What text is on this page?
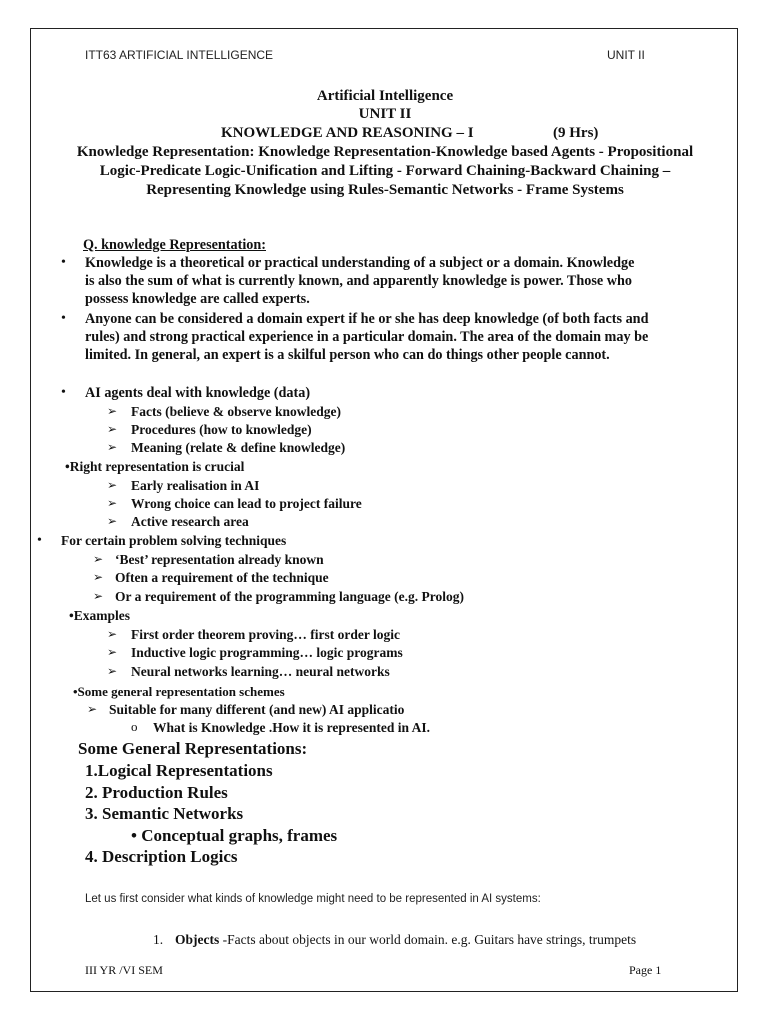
ITT63 ARTIFICIAL INTELLIGENCE	UNIT II
Artificial Intelligence
UNIT II
KNOWLEDGE AND REASONING – I	(9 Hrs)
Knowledge Representation: Knowledge Representation-Knowledge based Agents - Propositional
Logic-Predicate Logic-Unification and Lifting - Forward Chaining-Backward Chaining –
Representing Knowledge using Rules-Semantic Networks - Frame Systems
Q. knowledge Representation:
• Knowledge is a theoretical or practical understanding of a subject or a domain. Knowledge
is also the sum of what is currently known, and apparently knowledge is power. Those who
possess knowledge are called experts.
• Anyone can be considered a domain expert if he or she has deep knowledge (of both facts and
rules) and strong practical experience in a particular domain. The area of the domain may be
limited. In general, an expert is a skilful person who can do things other people cannot.
• AI agents deal with knowledge (data)
➢ Facts (believe & observe knowledge)
➢ Procedures (how to knowledge)
➢ Meaning (relate & define knowledge)
•Right representation is crucial
➢ Early realisation in AI
➢ Wrong choice can lead to project failure
➢ Active research area
• For certain problem solving techniques
➢ ‘Best’ representation already known
➢ Often a requirement of the technique
➢ Or a requirement of the programming language (e.g. Prolog)
•Examples
➢ First order theorem proving… first order logic
➢ Inductive logic programming… logic programs
➢ Neural networks learning… neural networks
•Some general representation schemes
➢ Suitable for many different (and new) AI applicatio
o What is Knowledge .How it is represented in AI.
Some General Representations:
1.Logical Representations
2. Production Rules
3. Semantic Networks
• Conceptual graphs, frames
4. Description Logics
Let us first consider what kinds of knowledge might need to be represented in AI systems:
1. Objects -Facts about objects in our world domain. e.g. Guitars have strings, trumpets
III YR /VI SEM	Page 1
